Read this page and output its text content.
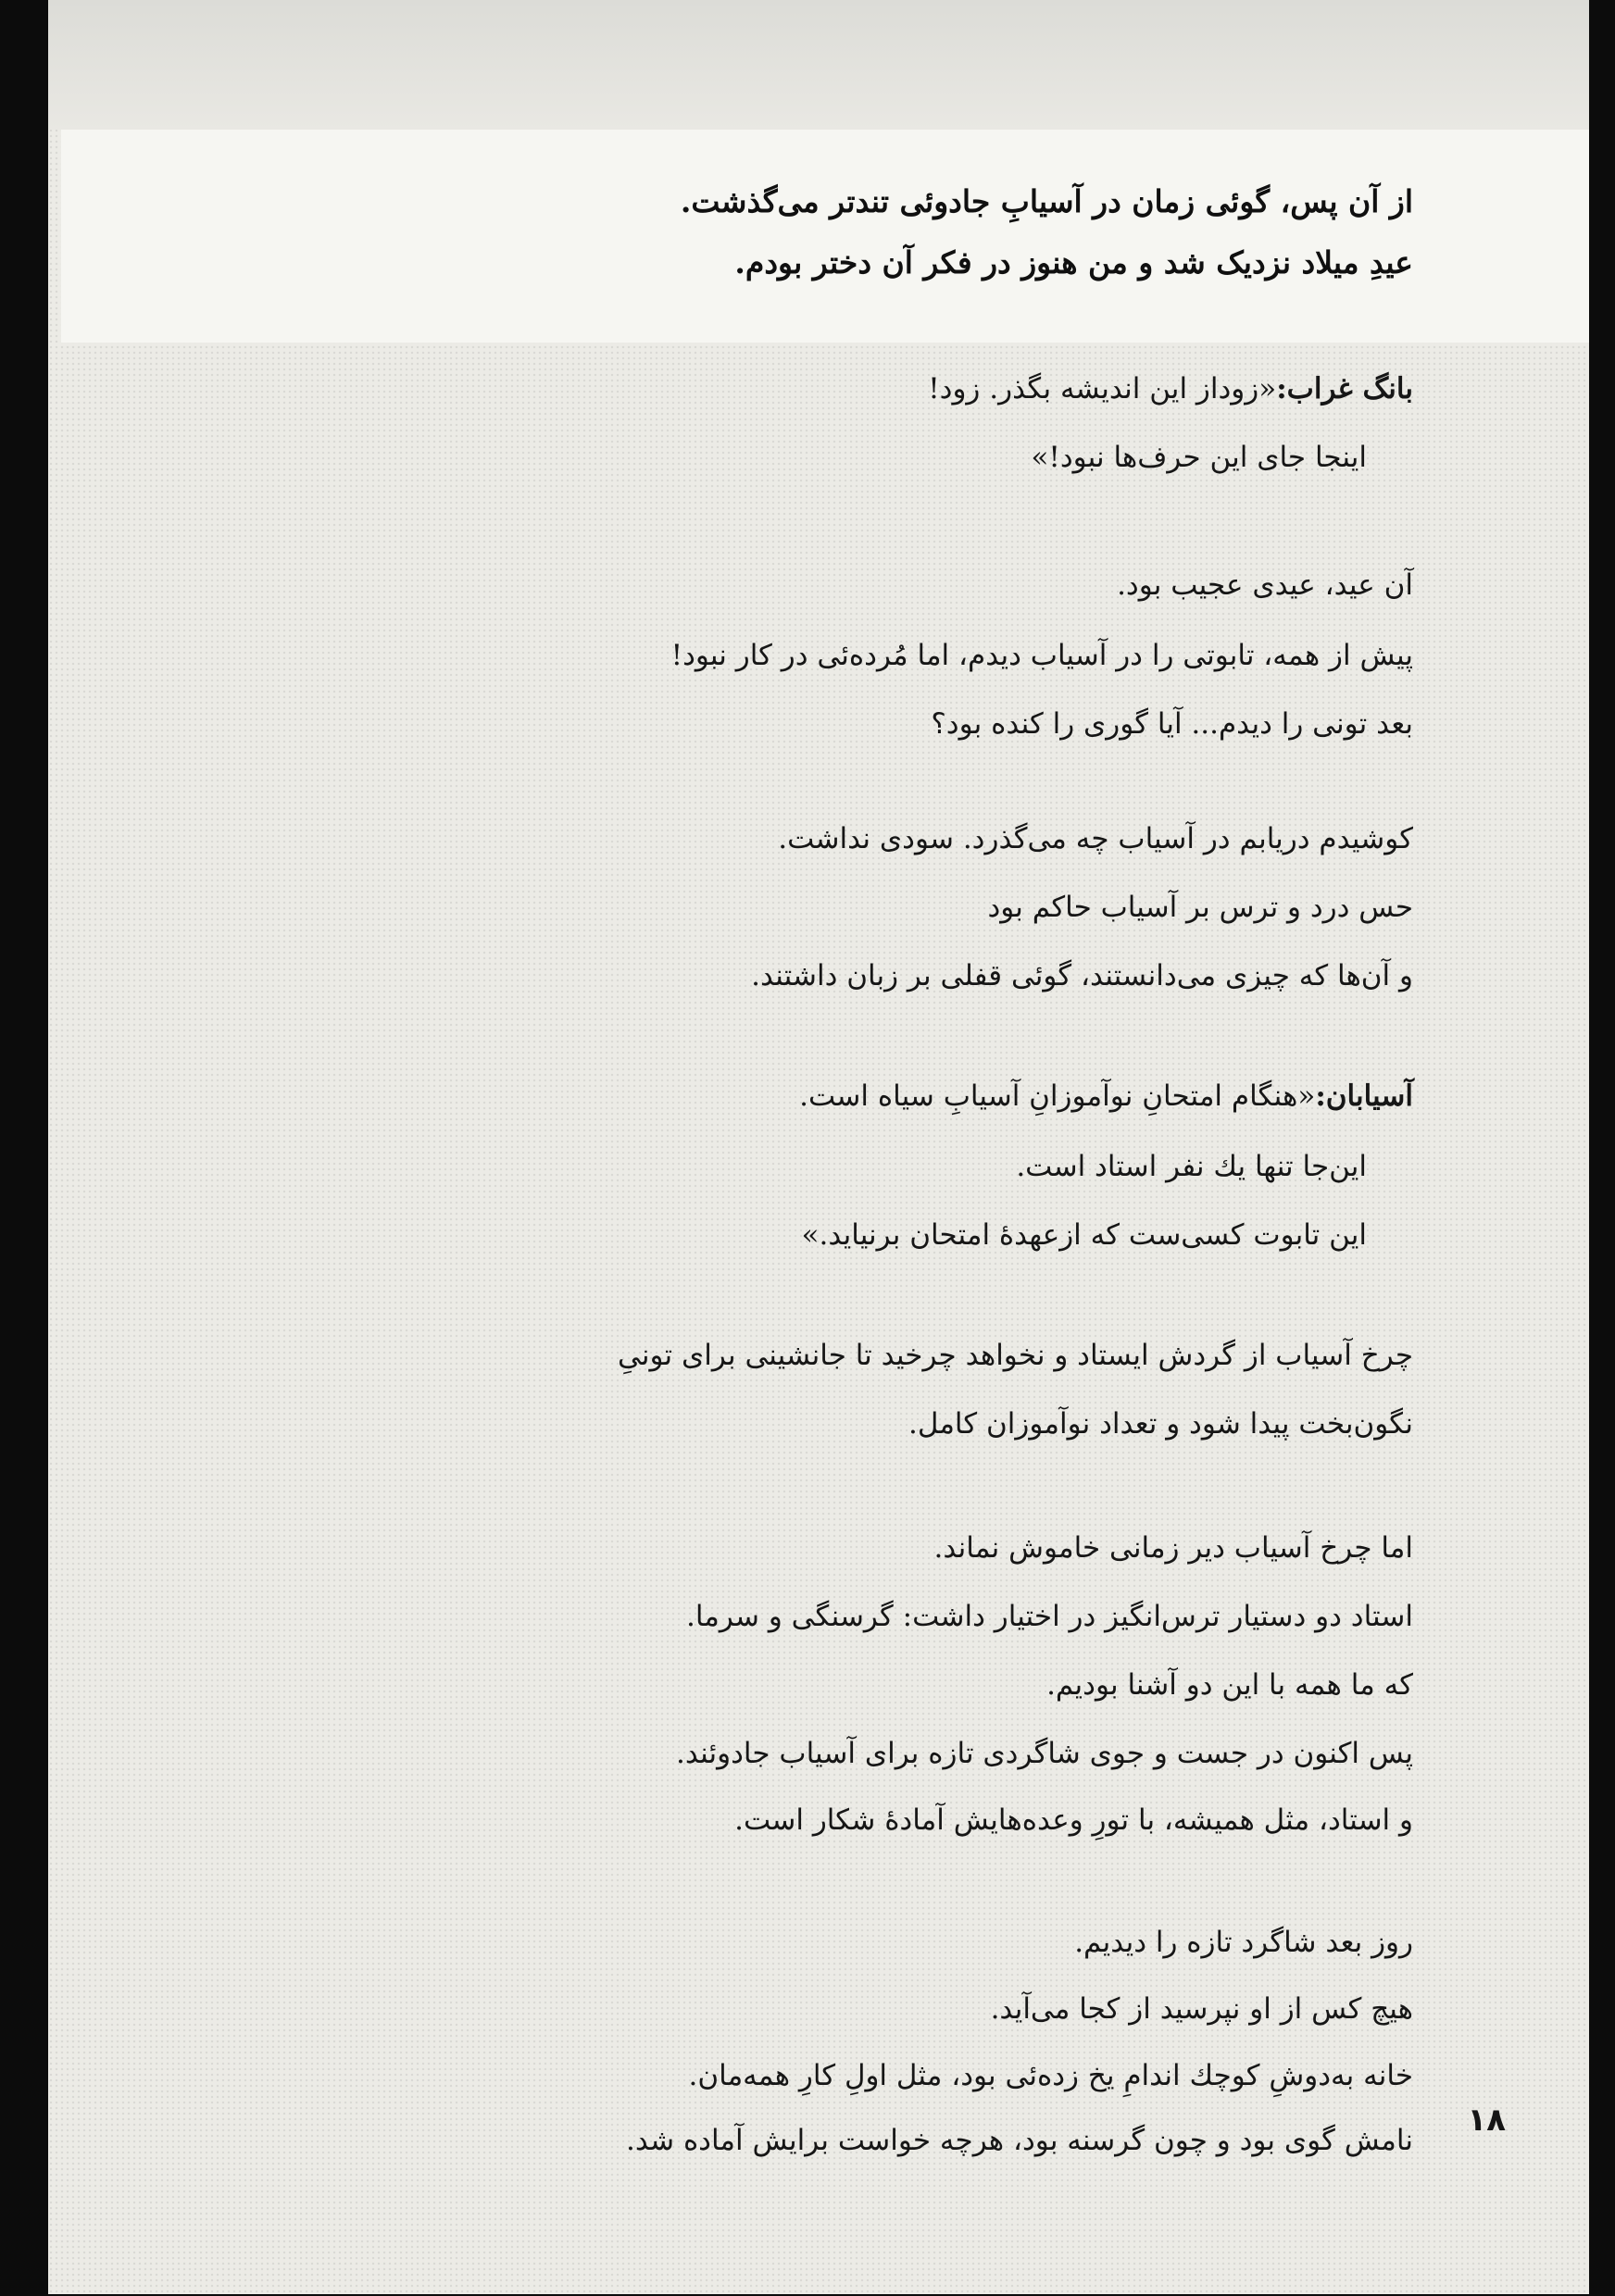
از آن پس، گوئی زمان در آسیابِ جادوئی تندتر می‌گذشت.

عیدِ میلاد نزدیک شد و من هنوز در فکر آن دختر بودم.

بانگ غراب:«زوداز این اندیشه بگذر. زود!

اینجا جای این حرف‌ها نبود!»

آن عید، عیدی عجیب بود.

پیش از همه، تابوتی را در آسیاب دیدم، اما مُرده‌ئی در کار نبود!

بعد تونی را دیدم... آیا گوری را کنده بود؟

کوشیدم دریابم در آسیاب چه می‌گذرد. سودی نداشت.

حس درد و ترس بر آسیاب حاکم بود

و آن‌ها که چیزی می‌دانستند، گوئی قفلی بر زبان داشتند.

آسیابان:«هنگام امتحانِ نوآموزانِ آسیابِ سیاه است.

این‌جا تنها یك نفر استاد است.

این تابوت کسی‌ست که ازعهدهٔ امتحان برنیاید.»

چرخ آسیاب از گردش ایستاد و نخواهد چرخید تا جانشینی برای تونیِ

نگون‌بخت پیدا شود و تعداد نوآموزان کامل.

اما چرخ آسیاب دیر زمانی خاموش نماند.

استاد دو دستیار ترس‌انگیز در اختیار داشت: گرسنگی و سرما.

که ما همه با این دو آشنا بودیم.

پس اکنون در جست و جوی شاگردی تازه برای آسیاب جادوئند.

و استاد، مثل همیشه، با تورِ وعده‌هایش آمادهٔ شکار است.

روز بعد شاگرد تازه را دیدیم.

هیچ کس از او نپرسید از کجا می‌آید.

خانه به‌دوشِ کوچك اندامِ یخ زده‌ئی بود، مثل اولِ کارِ همه‌مان.

نامش گوی بود و چون گرسنه بود، هرچه خواست برایش آماده شد.

۱۸
